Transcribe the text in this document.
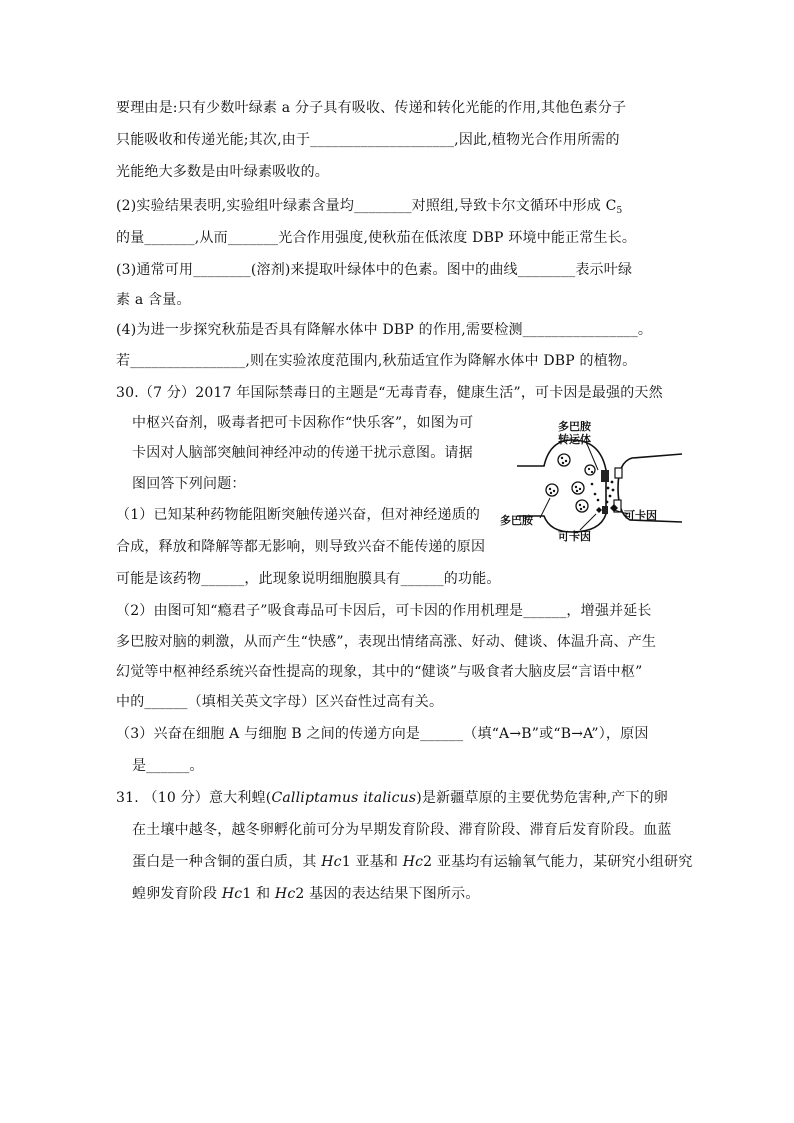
要理由是:只有少数叶绿素 a 分子具有吸收、传递和转化光能的作用,其他色素分子
只能吸收和传递光能;其次,由于____________________,因此,植物光合作用所需的
光能绝大多数是由叶绿素吸收的。
(2)实验结果表明,实验组叶绿素含量均________对照组,导致卡尔文循环中形成 $C_5$
的量_______,从而_______光合作用强度,使秋茄在低浓度 DBP 环境中能正常生长。
(3)通常可用________(溶剂)来提取叶绿体中的色素。图中的曲线________表示叶绿
素 a 含量。
(4)为进一步探究秋茄是否具有降解水体中 DBP 的作用,需要检测________________。
若________________,则在实验浓度范围内,秋茄适宜作为降解水体中 DBP 的植物。
30.（7 分）2017 年国际禁毒日的主题是“无毒青春，健康生活”，可卡因是最强的天然
中枢兴奋剂，吸毒者把可卡因称作“快乐客”，如图为可
卡因对人脑部突触间神经冲动的传递干扰示意图。请据
图回答下列问题：
（1）已知某种药物能阻断突触传递兴奋，但对神经递质的
合成，释放和降解等都无影响，则导致兴奋不能传递的原因
可能是该药物______，此现象说明细胞膜具有______的功能。
（2）由图可知“瘾君子”吸食毒品可卡因后，可卡因的作用机理是______，增强并延长
多巴胺对脑的刺激，从而产生“快感”，表现出情绪高涨、好动、健谈、体温升高、产生
幻觉等中枢神经系统兴奋性提高的现象，其中的“健谈”与吸食者大脑皮层“言语中枢”
中的______（填相关英文字母）区兴奋性过高有关。
（3）兴奋在细胞 A 与细胞 B 之间的传递方向是______（填“A→B”或“B→A”），原因
是______。
31. （10 分）意大利蝗(Calliptamus italicus)是新疆草原的主要优势危害种,产下的卵
在土壤中越冬，越冬卵孵化前可分为早期发育阶段、滞育阶段、滞育后发育阶段。血蓝
蛋白是一种含铜的蛋白质，其 Hc1 亚基和 Hc2 亚基均有运输氧气能力，某研究小组研究
蝗卵发育阶段 Hc1 和 Hc2 基因的表达结果下图所示。
多巴胺
转运体
多巴胺	可卡因
可卡因
